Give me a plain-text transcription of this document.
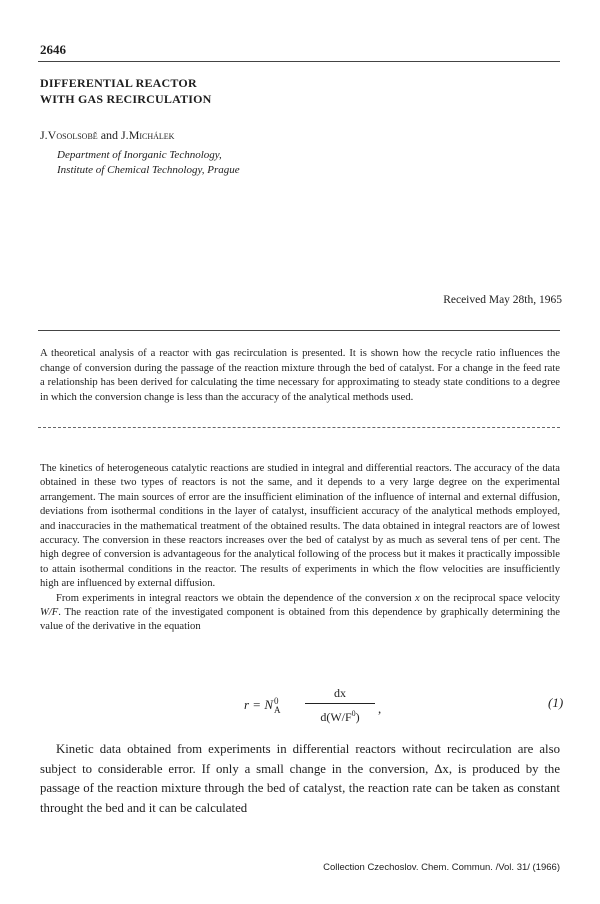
2646
DIFFERENTIAL REACTOR
WITH GAS RECIRCULATION
J.Vosolsobě and J.Michálek
Department of Inorganic Technology,
Institute of Chemical Technology, Prague
Received May 28th, 1965
A theoretical analysis of a reactor with gas recirculation is presented. It is shown how the recycle ratio influences the change of conversion during the passage of the reaction mixture through the bed of catalyst. For a change in the feed rate a relationship has been derived for calculating the time necessary for approximating to steady state conditions to a degree in which the conversion change is less than the accuracy of the analytical methods used.

The kinetics of heterogeneous catalytic reactions are studied in integral and differential reactors. The accuracy of the data obtained in these two types of reactors is not the same, and it depends to a very large degree on the experimental arrangement. The main sources of error are the insufficient elimination of the influence of internal and external diffusion, deviations from isothermal conditions in the layer of catalyst, insufficient accuracy of the analytical methods employed, and inaccuracies in the mathematical treatment of the obtained results. The data obtained in integral reactors are of lowest accuracy. The conversion in these reactors increases over the bed of catalyst by as much as several tens of per cent. The high degree of conversion is advantageous for the analytical following of the process but it makes it practically impossible to attain isothermal conditions in the reactor. The results of experiments in which the flow velocities are insufficiently high are influenced by external diffusion.

From experiments in integral reactors we obtain the dependence of the conversion x on the reciprocal space velocity W/F. The reaction rate of the investigated component is obtained from this dependence by graphically determining the value of the derivative in the equation

r = N 0
A
dx
$d(W/F^0)$
,	(1)

Kinetic data obtained from experiments in differential reactors without recirculation are also subject to considerable error. If only a small change in the conversion, Δx, is produced by the passage of the reaction mixture through the bed of catalyst, the reaction rate can be taken as constant throught the bed and it can be calculated

Collection Czechoslov. Chem. Commun. /Vol. 31/ (1966)
